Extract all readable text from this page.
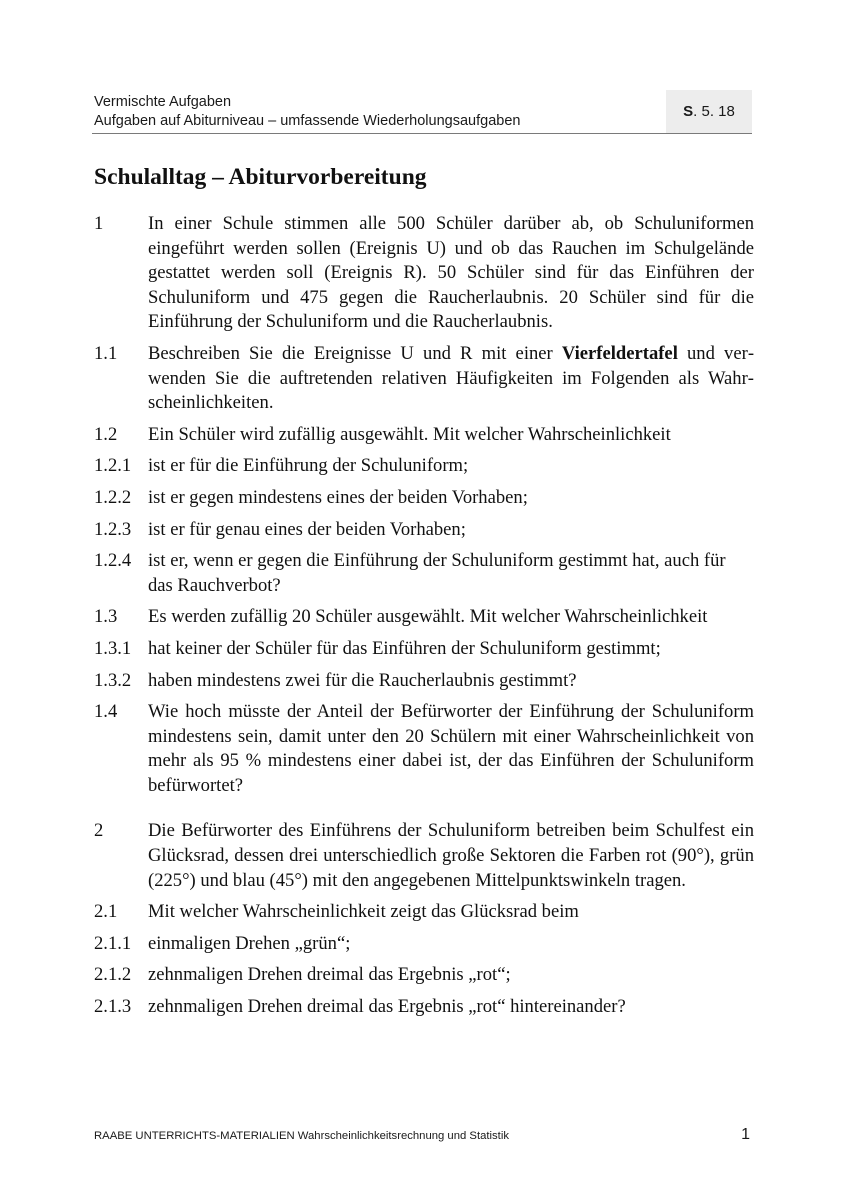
Vermischte Aufgaben
Aufgaben auf Abiturniveau – umfassende Wiederholungsaufgaben
S . 5. 18
Schulalltag – Abiturvorbereitung
1	In einer Schule stimmen alle 500 Schüler darüber ab, ob Schuluniformen eingeführt werden sollen (Ereignis U) und ob das Rauchen im Schulgelände gestattet werden soll (Ereignis R). 50 Schüler sind für das Einführen der Schuluniform und 475 gegen die Raucherlaubnis. 20 Schüler sind für die Einführung der Schuluniform und die Raucherlaubnis.
1.1	Beschreiben Sie die Ereignisse U und R mit einer Vierfeldertafel und verwenden Sie die auftretenden relativen Häufigkeiten im Folgenden als Wahrscheinlichkeiten.
1.2	Ein Schüler wird zufällig ausgewählt. Mit welcher Wahrscheinlichkeit
1.2.1 ist er für die Einführung der Schuluniform;
1.2.2 ist er gegen mindestens eines der beiden Vorhaben;
1.2.3 ist er für genau eines der beiden Vorhaben;
1.2.4 ist er, wenn er gegen die Einführung der Schuluniform gestimmt hat, auch für das Rauchverbot?
1.3	Es werden zufällig 20 Schüler ausgewählt. Mit welcher Wahrscheinlichkeit
1.3.1 hat keiner der Schüler für das Einführen der Schuluniform gestimmt;
1.3.2 haben mindestens zwei für die Raucherlaubnis gestimmt?
1.4	Wie hoch müsste der Anteil der Befürworter der Einführung der Schuluniform mindestens sein, damit unter den 20 Schülern mit einer Wahrscheinlichkeit von mehr als 95 % mindestens einer dabei ist, der das Einführen der Schuluniform befürwortet?
2	Die Befürworter des Einführens der Schuluniform betreiben beim Schulfest ein Glücksrad, dessen drei unterschiedlich große Sektoren die Farben rot (90°), grün (225°) und blau (45°) mit den angegebenen Mittelpunktswinkeln tragen.
2.1	Mit welcher Wahrscheinlichkeit zeigt das Glücksrad beim
2.1.1 einmaligen Drehen „grün“;
2.1.2 zehnmaligen Drehen dreimal das Ergebnis „rot“;
2.1.3 zehnmaligen Drehen dreimal das Ergebnis „rot“ hintereinander?
RAABE UNTERRICHTS-MATERIALIEN Wahrscheinlichkeitsrechnung und Statistik	1
